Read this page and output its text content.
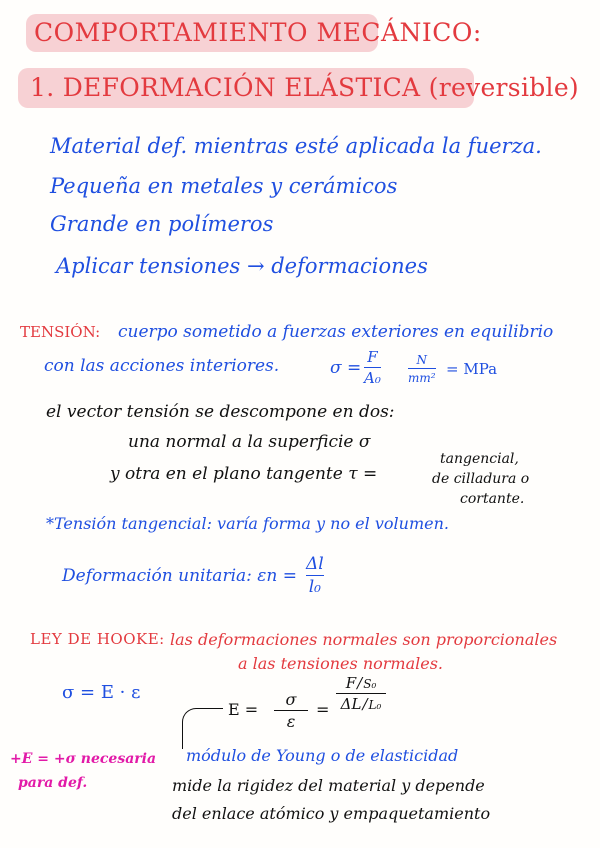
COMPORTAMIENTO MECÁNICO:
1. DEFORMACIÓN ELÁSTICA (reversible)
Material def. mientras esté aplicada la fuerza.
Pequeña en metales y cerámicos
Grande en polímeros
Aplicar tensiones → deformaciones
TENSIÓN: cuerpo sometido a fuerzas exteriores en equilibrio
con las acciones interiores.	σ =
F
A₀
N
mm² = MPa
el vector tensión se descompone en dos:
una normal a la superficie σ
y otra en el plano tangente τ =
tangencial,
de cilladura o
cortante.
*Tensión tangencial: varía forma y no el volumen.
Deformación unitaria: εn =
Δl
l₀
LEY DE HOOKE: las deformaciones normales son proporcionales
a las tensiones normales.
σ = E · ε
E =
σ
ε
=
F / S₀
ΔL / L₀
+E = +σ necesaria
para def.
módulo de Young o de elasticidad
mide la rigidez del material y depende
del enlace atómico y empaquetamiento
